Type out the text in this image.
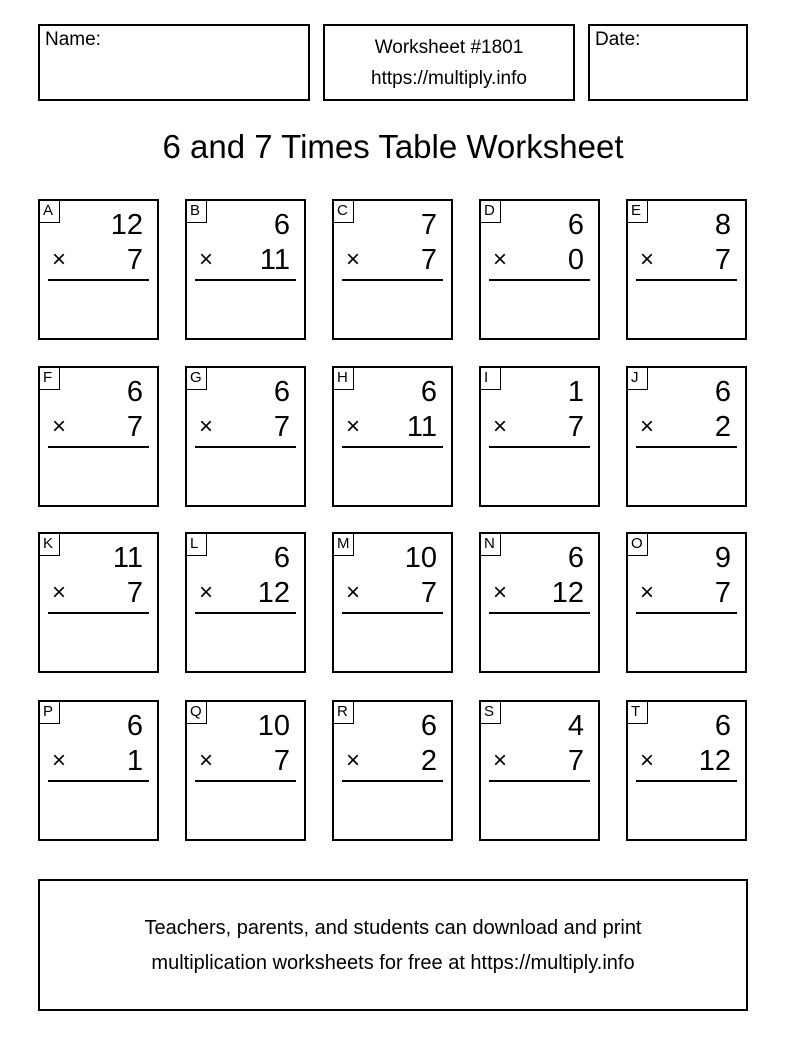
Name:	Worksheet #1801
https://multiply.info
Date:
6 and 7 Times Table Worksheet
A 12
× 7
B	6
× 11
C	7
× 7
D	6
× 0
E	8
× 7
F	6
× 7
G 6
× 7
H	6
× 11
I	1
× 7
J	6
× 2
K 11
× 7
L	6
× 12
M 10
× 7
N	6
× 12
O 9
× 7
P	6
× 1
Q 10
× 7
R	6
× 2
S	4
× 7
T	6
× 12
Teachers, parents, and students can download and print
multiplication worksheets for free at https://multiply.info
